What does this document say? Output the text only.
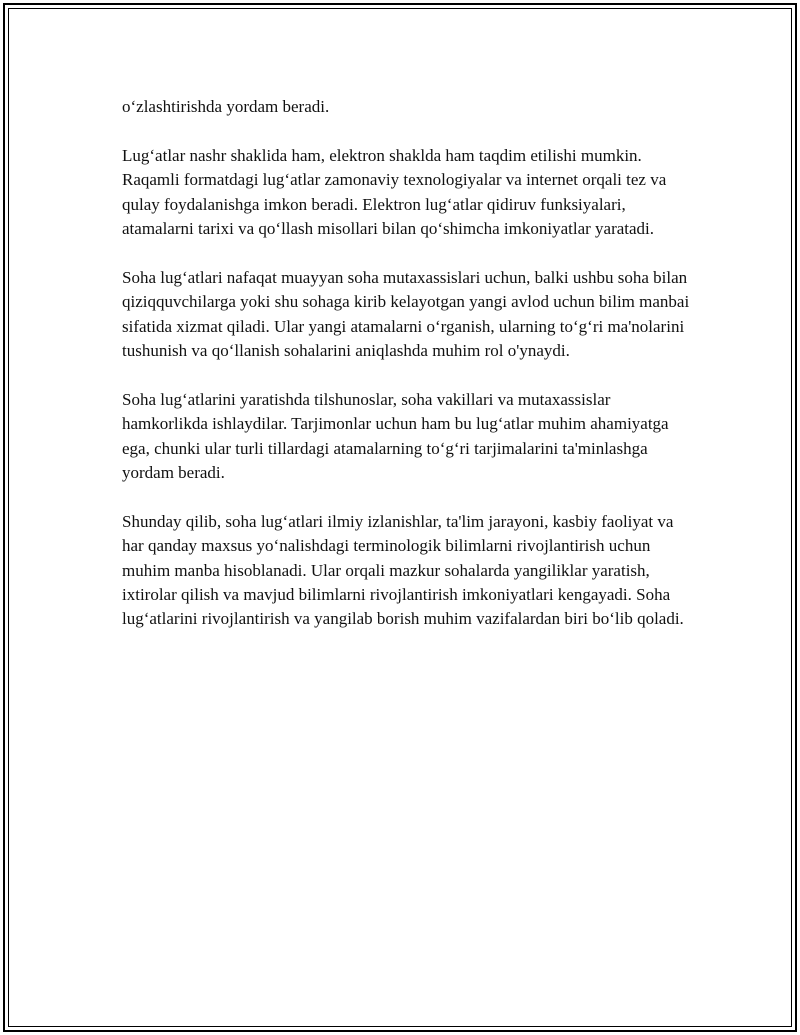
o‘zlashtirishda yordam beradi.

Lug‘atlar nashr shaklida ham, elektron shaklda ham taqdim etilishi mumkin. Raqamli formatdagi lug‘atlar zamonaviy texnologiyalar va internet orqali tez va qulay foydalanishga imkon beradi. Elektron lug‘atlar qidiruv funksiyalari, atamalarni tarixi va qo‘llash misollari bilan qo‘shimcha imkoniyatlar yaratadi.

Soha lug‘atlari nafaqat muayyan soha mutaxassislari uchun, balki ushbu soha bilan qiziqquvchilarga yoki shu sohaga kirib kelayotgan yangi avlod uchun bilim manbai sifatida xizmat qiladi. Ular yangi atamalarni o‘rganish, ularning to‘g‘ri ma'nolarini tushunish va qo‘llanish sohalarini aniqlashda muhim rol o'ynaydi.

Soha lug‘atlarini yaratishda tilshunoslar, soha vakillari va mutaxassislar hamkorlikda ishlaydilar. Tarjimonlar uchun ham bu lug‘atlar muhim ahamiyatga ega, chunki ular turli tillardagi atamalarning to‘g‘ri tarjimalarini ta'minlashga yordam beradi.

Shunday qilib, soha lug‘atlari ilmiy izlanishlar, ta'lim jarayoni, kasbiy faoliyat va har qanday maxsus yo‘nalishdagi terminologik bilimlarni rivojlantirish uchun muhim manba hisoblanadi. Ular orqali mazkur sohalarda yangiliklar yaratish, ixtirolar qilish va mavjud bilimlarni rivojlantirish imkoniyatlari kengayadi. Soha lug‘atlarini rivojlantirish va yangilab borish muhim vazifalardan biri bo‘lib qoladi.
